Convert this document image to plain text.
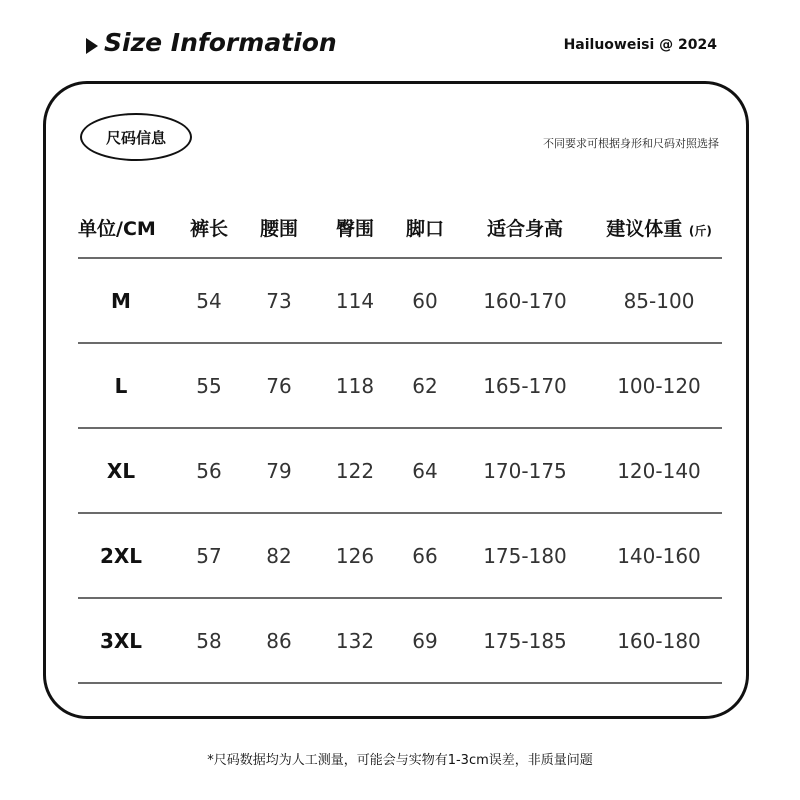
Size Information	Hailuoweisi @ 2024
尺码信息	不同要求可根据身形和尺码对照选择
单位/CM	裤长	腰围	臀围	脚口	适合身高	建议体重 (斤)
M	54	73	114	60	160-170	85-100
L	55	76	118	62	165-170	100-120
XL	56	79	122	64	170-175	120-140
2XL	57	82	126	66	175-180	140-160
3XL	58	86	132	69	175-185	160-180
*尺码数据均为人工测量，可能会与实物有1-3cm误差，非质量问题
